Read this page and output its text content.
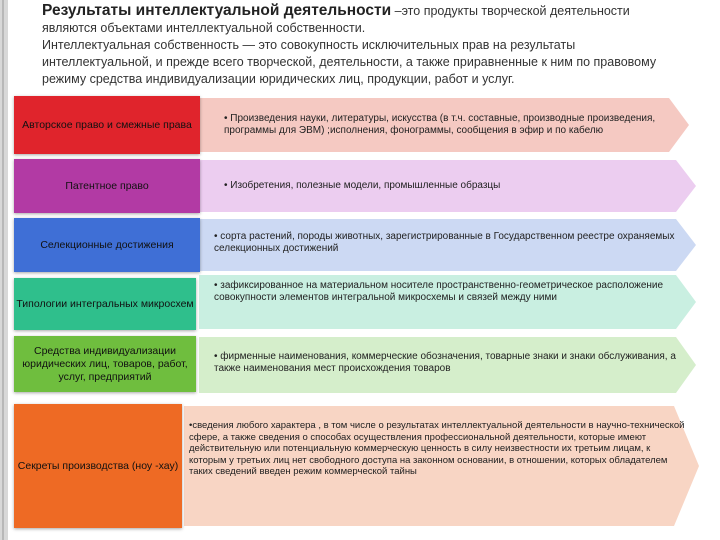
Результаты интеллектуальной деятельности –это продукты творческой деятельности являются объектами интеллектуальной собственности.
Интеллектуальная собственность — это совокупность исключительных прав на результаты интеллектуальной, и прежде всего творческой, деятельности, а также приравненные к ним по правовому режиму средства индивидуализации юридических лиц, продукции, работ и услуг.
Авторское право и смежные права	• Произведения науки, литературы, искусства (в т.ч. составные, производные произведения, программы для ЭВМ) ;исполнения, фонограммы, сообщения в эфир и по кабелю
Патентное право	• Изобретения, полезные модели, промышленные образцы
Селекционные достижения
• сорта растений, породы животных, зарегистрированные в Государственном реестре охраняемых селекционных достижений
Типологии интегральных микросхем
• зафиксированное на материальном носителе пространственно-геометрическое расположение совокупности элементов интегральной микросхемы и связей между ними
Средства индивидуализации юридических лиц, товаров, работ, услуг, предприятий
• фирменные наименования, коммерческие обозначения, товарные знаки и знаки обслуживания, а также наименования мест происхождения товаров
Секреты производства (ноу -хау)
•сведения любого характера , в том числе о результатах интеллектуальной деятельности в научно-технической сфере, а также сведения о способах осуществления профессиональной деятельности, которые имеют действительную или потенциальную коммерческую ценность в силу неизвестности их третьим лицам, к которым у третьих лиц нет свободного доступа на законном основании, в отношении, которых обладателем таких сведений введен режим коммерческой тайны
